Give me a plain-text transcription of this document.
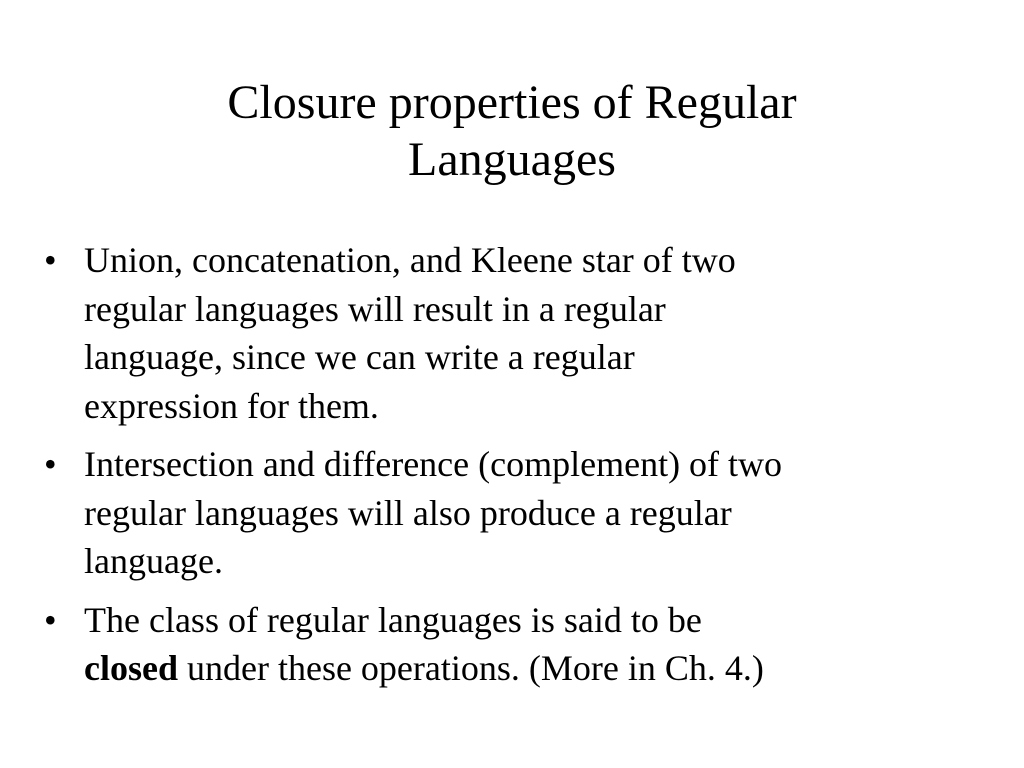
Closure properties of Regular
Languages
• Union, concatenation, and Kleene star of two
regular languages will result in a regular
language, since we can write a regular
expression for them.
• Intersection and difference (complement) of two
regular languages will also produce a regular
language.
• The class of regular languages is said to be
closed under these operations. (More in Ch. 4.)
